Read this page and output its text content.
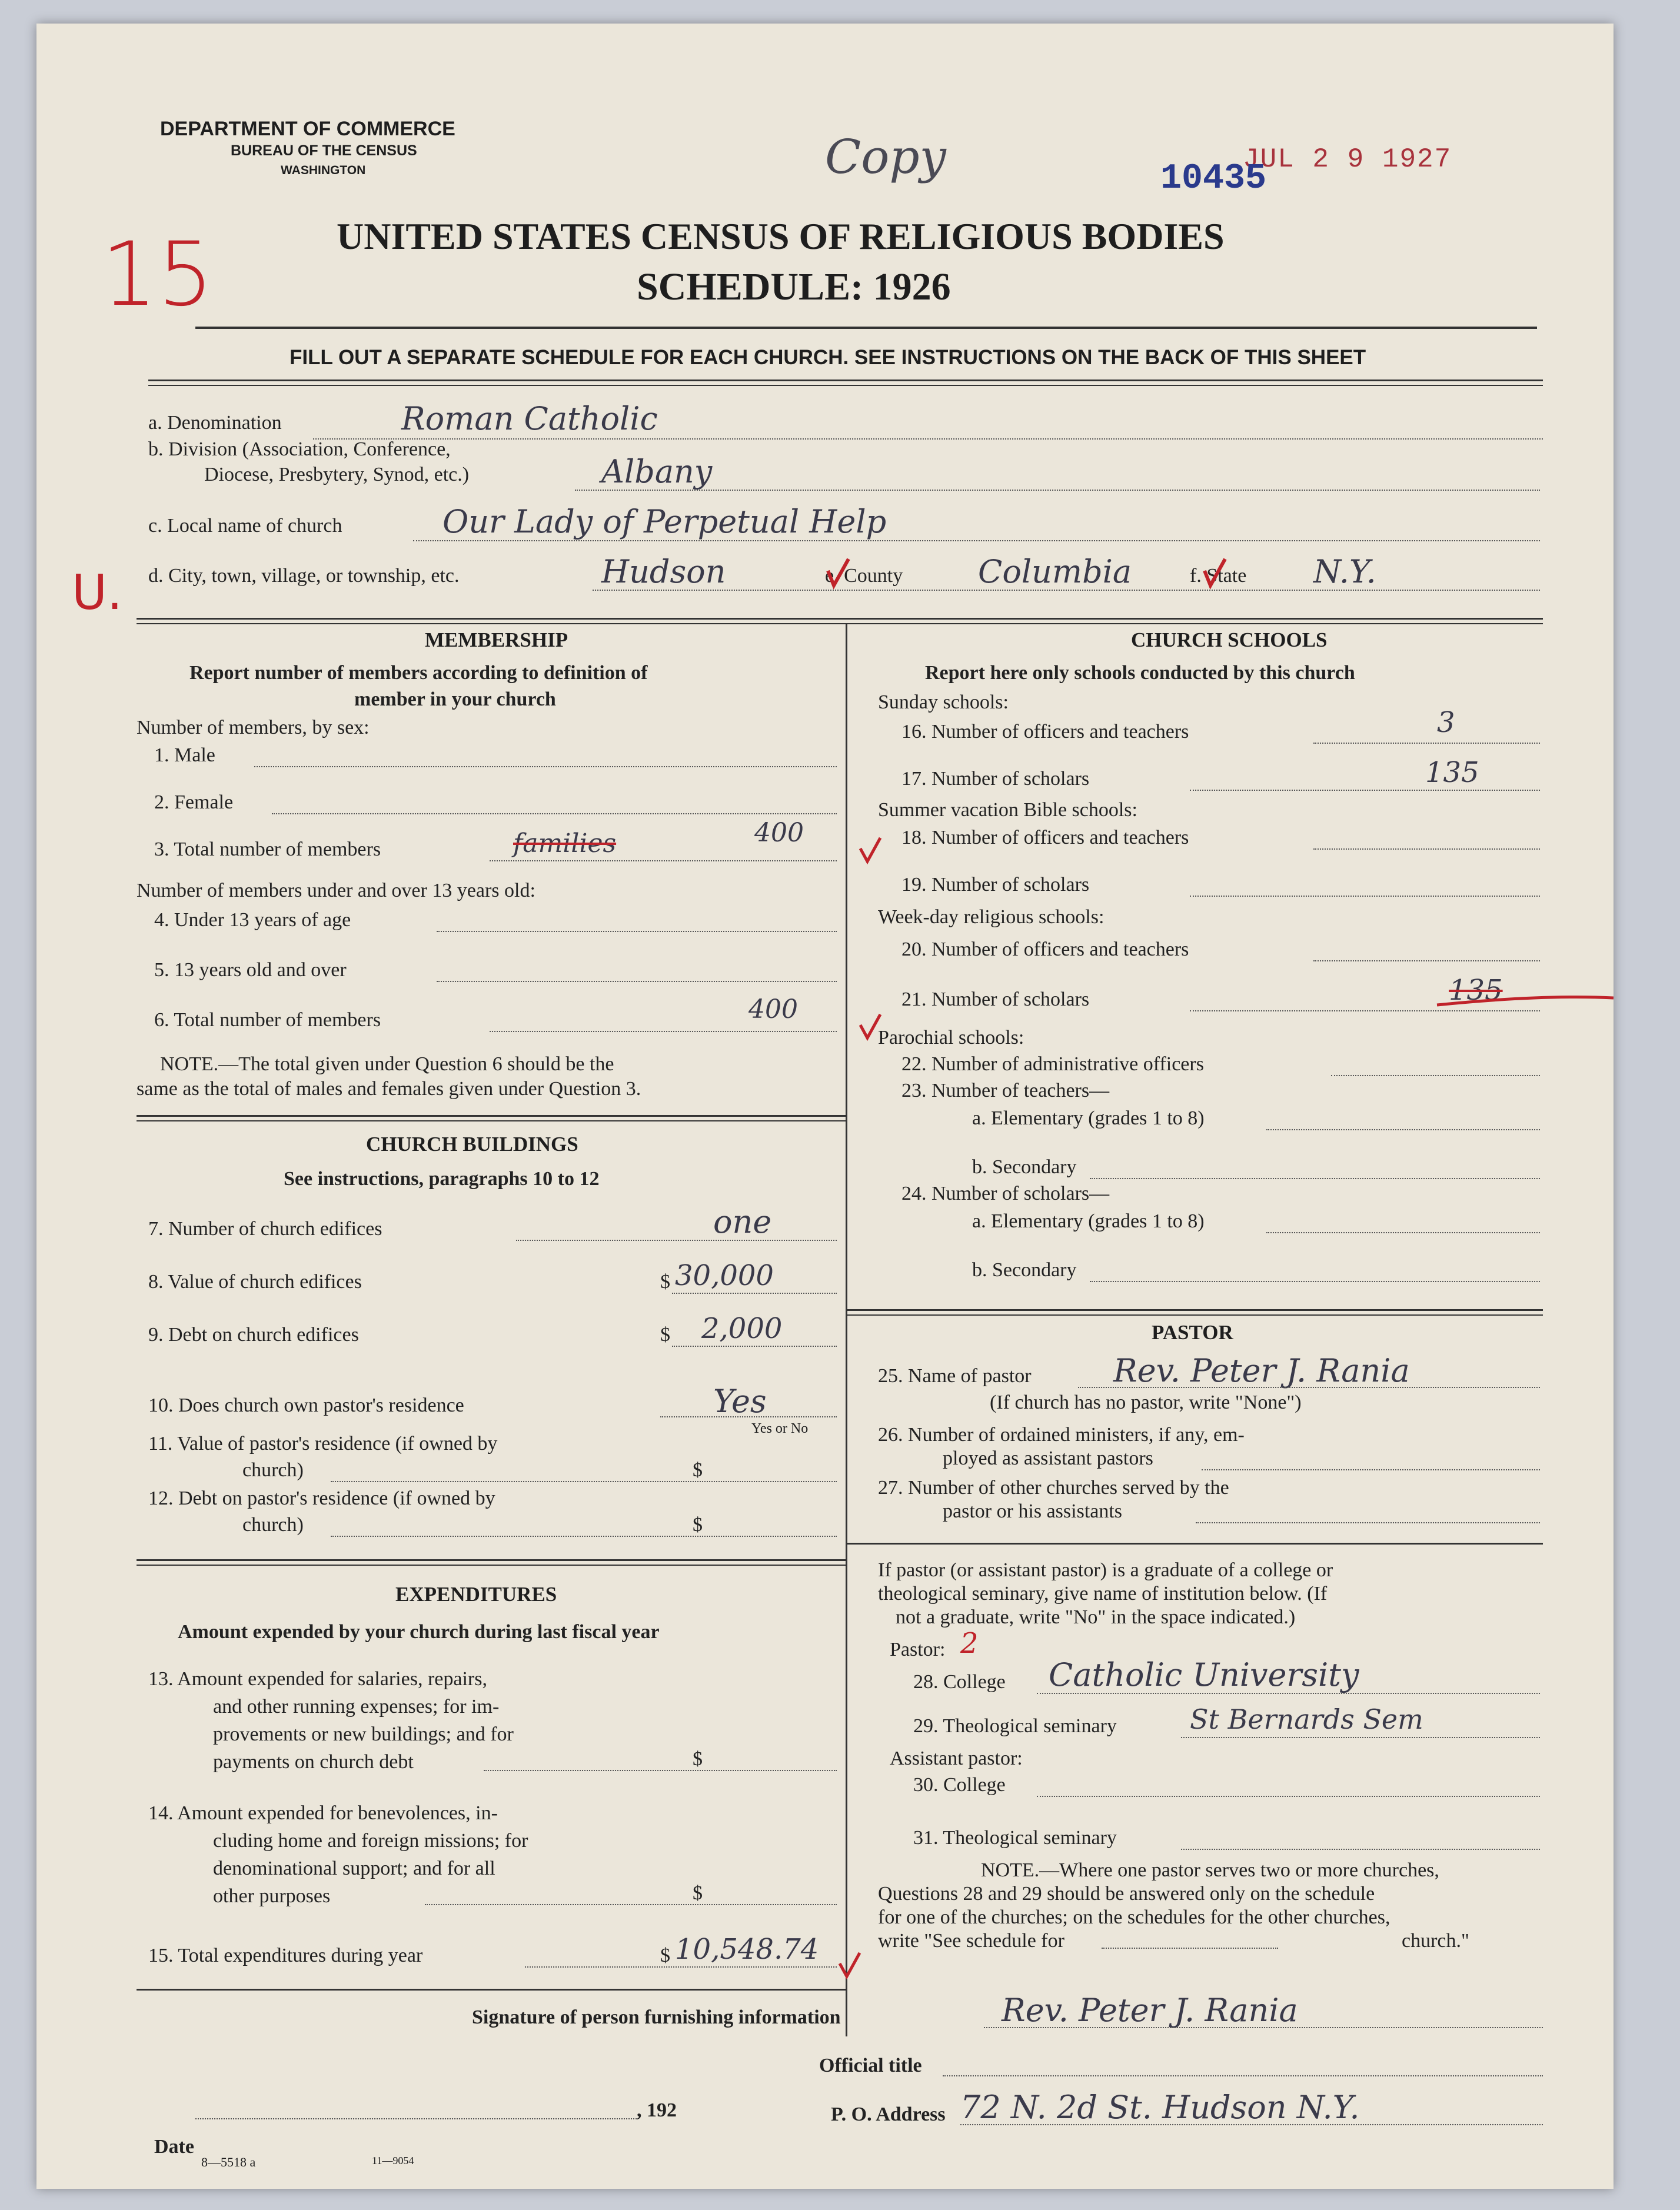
DEPARTMENT OF COMMERCE
BUREAU OF THE CENSUS
WASHINGTON	Copy	JUL 2 9 1927
10435
15
U.
UNITED STATES CENSUS OF RELIGIOUS BODIES
SCHEDULE: 1926
FILL OUT A SEPARATE SCHEDULE FOR EACH CHURCH. SEE INSTRUCTIONS ON THE BACK OF THIS SHEET
a. Denomination	Roman Catholic
b. Division (Association, Conference,
Diocese, Presbytery, Synod, etc.)	Albany
c. Local name of church	Our Lady of Perpetual Help
d. City, town, village, or township, etc.	Hudson	e. County Columbia	f. State N.Y.
MEMBERSHIP
Report number of members according to definition of
member in your church
Number of members, by sex:
1. Male
2. Female
3. Total number of members	families	400
Number of members under and over 13 years old:
4. Under 13 years of age
5. 13 years old and over
6. Total number of members	400
NOTE.—The total given under Question 6 should be the
same as the total of males and females given under Question 3.
CHURCH BUILDINGS
See instructions, paragraphs 10 to 12
7. Number of church edifices	one
8. Value of church edifices	$ 30,000
9. Debt on church edifices	$ 2,000
10. Does church own pastor's residence	Yes
Yes or No
11. Value of pastor's residence (if owned by
church)	$
12. Debt on pastor's residence (if owned by
church)	$
EXPENDITURES
Amount expended by your church during last fiscal year
13. Amount expended for salaries, repairs,
and other running expenses; for im-
provements or new buildings; and for
payments on church debt	$
14. Amount expended for benevolences, in-
cluding home and foreign missions; for
denominational support; and for all
other purposes	$
15. Total expenditures during year	$ 10,548.74
CHURCH SCHOOLS
Report here only schools conducted by this church
Sunday schools:
16. Number of officers and teachers	3
17. Number of scholars	135
Summer vacation Bible schools:
18. Number of officers and teachers
19. Number of scholars
Week-day religious schools:
20. Number of officers and teachers
21. Number of scholars	135
Parochial schools:
22. Number of administrative officers
23. Number of teachers—
a. Elementary (grades 1 to 8)
b. Secondary
24. Number of scholars—
a. Elementary (grades 1 to 8)
b. Secondary
PASTOR
25. Name of pastor	Rev. Peter J. Rania
(If church has no pastor, write "None")
26. Number of ordained ministers, if any, em-
ployed as assistant pastors
27. Number of other churches served by the
pastor or his assistants
If pastor (or assistant pastor) is a graduate of a college or
theological seminary, give name of institution below. (If
not a graduate, write "No" in the space indicated.)
Pastor: 2
28. College Catholic University
29. Theological seminary	St Bernards Sem
Assistant pastor:
30. College
31. Theological seminary
NOTE.—Where one pastor serves two or more churches,
Questions 28 and 29 should be answered only on the schedule
for one of the churches; on the schedules for the other churches,
write "See schedule for	church."
Signature of person furnishing information	Rev. Peter J. Rania
Official title
, 192	P. O. Address 72 N. 2d St. Hudson N.Y.
Date
8—5518 a	11—9054
